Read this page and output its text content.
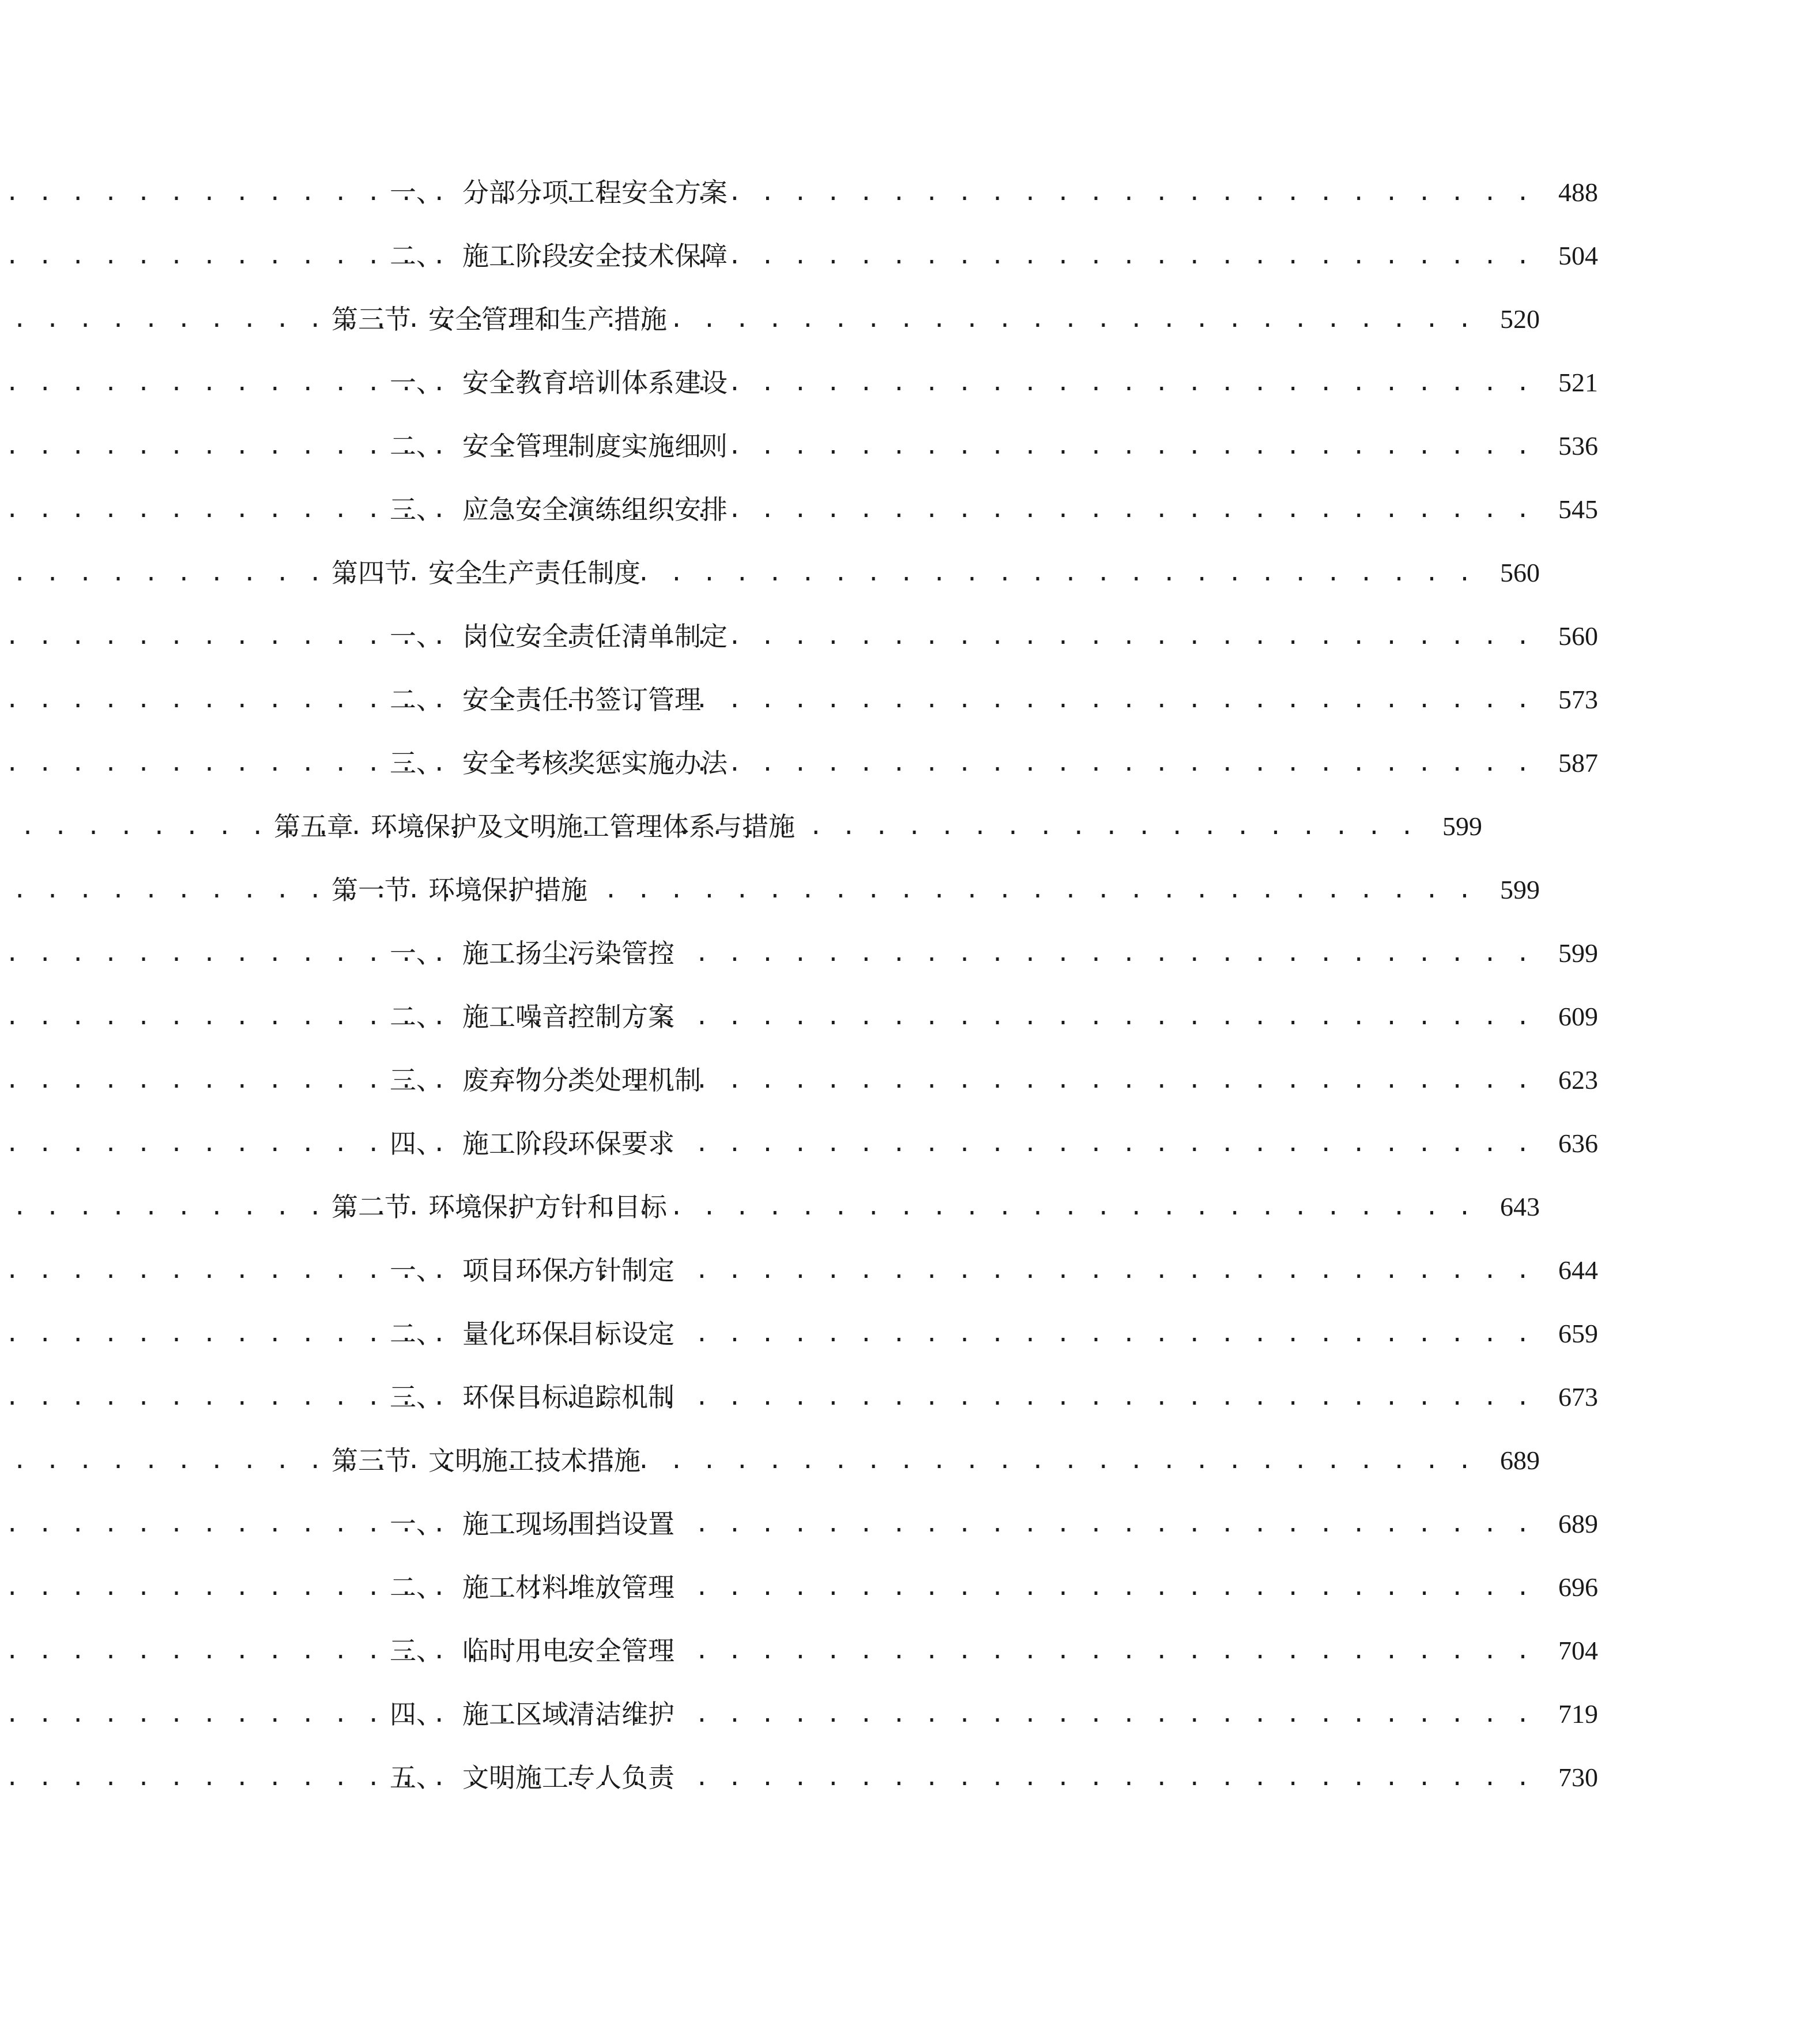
一、 分部分项工程安全方案 . . .	488
二、 施工阶段安全技术保障 . . .	504
第三节 安全管理和生产措施 . . .	520
一、 安全教育培训体系建设 . . .	521
二、 安全管理制度实施细则 . . .	536
三、 应急安全演练组织安排 . . .	545
第四节 安全生产责任制度 . . .	560
一、 岗位安全责任清单制定 . . .	560
二、 安全责任书签订管理 . . .	573
三、 安全考核奖惩实施办法 . . .	587
第五章 环境保护及文明施工管理体系与措施 . . .	599
第一节 环境保护措施 . . .	599
一、 施工扬尘污染管控 . . .	599
二、 施工噪音控制方案 . . .	609
三、 废弃物分类处理机制 . . .	623
四、 施工阶段环保要求 . . .	636
第二节 环境保护方针和目标 . . .	643
一、 项目环保方针制定 . . .	644
二、 量化环保目标设定 . . .	659
三、 环保目标追踪机制 . . .	673
第三节 文明施工技术措施 . . .	689
一、 施工现场围挡设置 . . .	689
二、 施工材料堆放管理 . . .	696
三、 临时用电安全管理 . . .	704
四、 施工区域清洁维护 . . .	719
五、 文明施工专人负责 . . .	730
